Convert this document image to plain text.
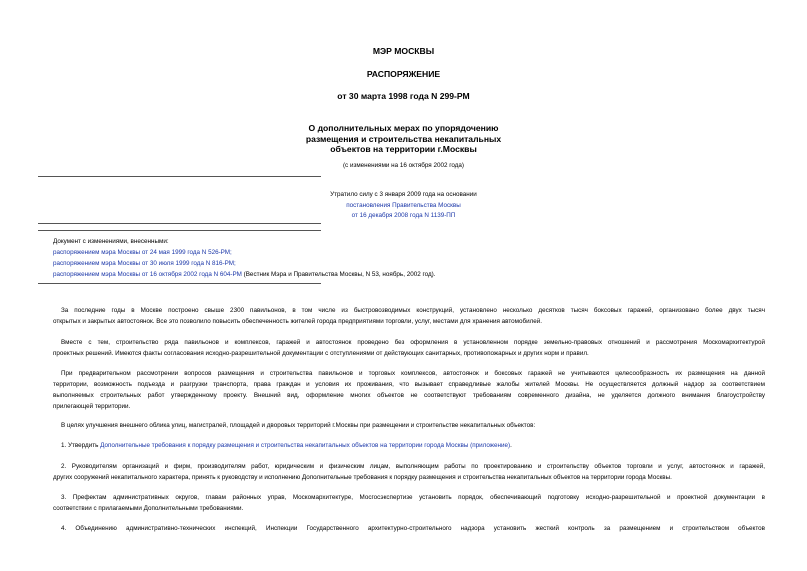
МЭР МОСКВЫ
РАСПОРЯЖЕНИЕ
от 30 марта 1998 года N 299-РМ
О дополнительных мерах по упорядочению
размещения и строительства некапитальных
объектов на территории г.Москвы
(с изменениями на 16 октября 2002 года)
Утратило силу с 3 января 2009 года на основании
постановления Правительства Москвы
от 16 декабря 2008 года N 1139-ПП
Документ с изменениями, внесенными:
распоряжением мэра Москвы от 24 мая 1999 года N 526-РМ;
распоряжением мэра Москвы от 30 июля 1999 года N 816-РМ;
распоряжением мэра Москвы от 16 октября 2002 года N 604-РМ (Вестник Мэра и Правительства Москвы, N 53, ноябрь, 2002 год).
За последние годы в Москве построено свыше 2300 павильонов, в том числе из быстровозводимых конструкций, установлено несколько десятков тысяч боксовых гаражей, организовано более двух тысяч
открытых и закрытых автостоянок. Все это позволило повысить обеспеченность жителей города предприятиями торговли, услуг, местами для хранения автомобилей.
Вместе с тем, строительство ряда павильонов и комплексов, гаражей и автостоянок проведено без оформления в установленном порядке земельно-правовых отношений и рассмотрения Москомархитектурой
проектных решений. Имеются факты согласования исходно-разрешительной документации с отступлениями от действующих санитарных, противопожарных и других норм и правил.
При предварительном рассмотрении вопросов размещения и строительства павильонов и торговых комплексов, автостоянок и боксовых гаражей не учитываются целесообразность их размещения на данной
территории, возможность подъезда и разгрузки транспорта, права граждан и условия их проживания, что вызывает справедливые жалобы жителей Москвы. Не осуществляется должный надзор за соответствием
выполняемых строительных работ утвержденному проекту. Внешний вид, оформление многих объектов не соответствуют требованиям современного дизайна, не уделяется должного внимания благоустройству
прилегающей территории.
В целях улучшения внешнего облика улиц, магистралей, площадей и дворовых территорий г.Москвы при размещении и строительстве некапитальных объектов:
1. Утвердить Дополнительные требования к порядку размещения и строительства некапитальных объектов на территории города Москвы (приложение).
2. Руководителям организаций и фирм, производителям работ, юридическим и физическим лицам, выполняющим работы по проектированию и строительству объектов торговли и услуг, автостоянок и гаражей,
других сооружений некапитального характера, принять к руководству и исполнению Дополнительные требования к порядку размещения и строительства некапитальных объектов на территории города Москвы.
3. Префектам административных округов, главам районных управ, Москомархитектуре, Мосгосэкспертизе установить порядок, обеспечивающий подготовку исходно-разрешительной и проектной документации в
соответствии с прилагаемыми Дополнительными требованиями.
4. Объединению административно-технических инспекций, Инспекции Государственного архитектурно-строительного надзора установить жесткий контроль за размещением и строительством объектов
